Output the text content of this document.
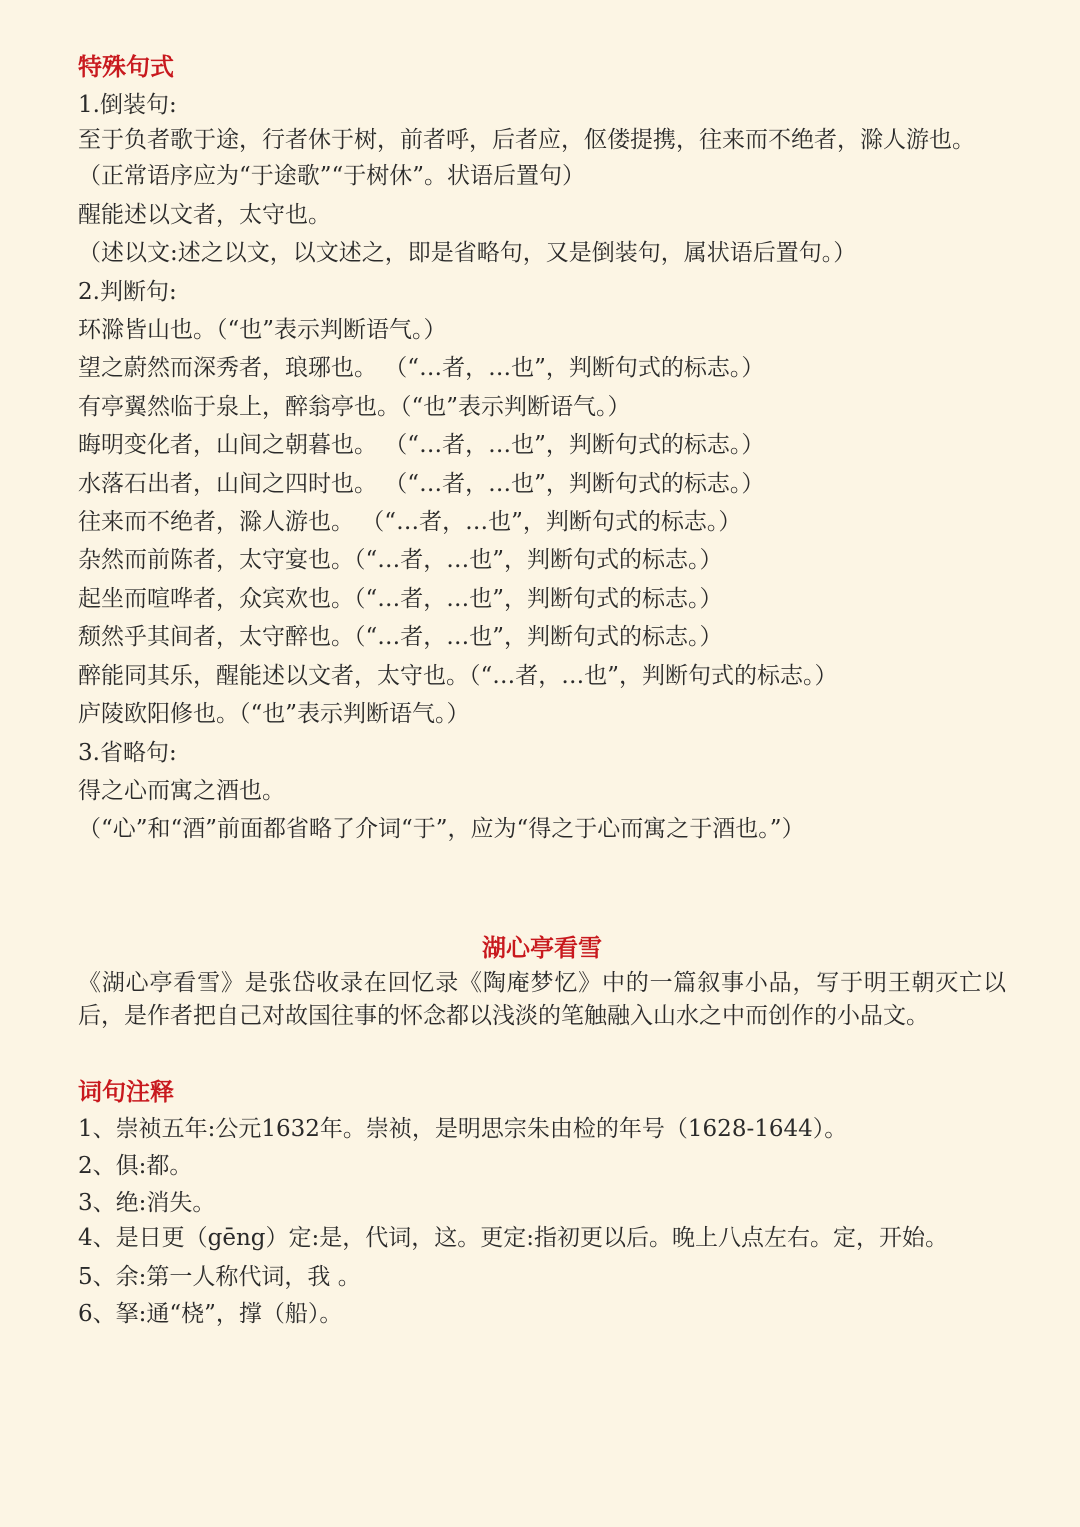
特殊句式

1.倒装句:

至于负者歌于途，行者休于树，前者呼，后者应，伛偻提携，往来而不绝者，滁人游也。

（正常语序应为“于途歌”“于树休”。状语后置句）

醒能述以文者，太守也。

（述以文:述之以文，以文述之，即是省略句，又是倒装句，属状语后置句。）

2.判断句:

环滁皆山也。（“也”表示判断语气。）

望之蔚然而深秀者，琅琊也。 （“…者，…也”，判断句式的标志。）

有亭翼然临于泉上，醉翁亭也。（“也”表示判断语气。）

晦明变化者，山间之朝暮也。 （“…者，…也”，判断句式的标志。）

水落石出者，山间之四时也。 （“…者，…也”，判断句式的标志。）

往来而不绝者，滁人游也。 （“…者，…也”，判断句式的标志。）

杂然而前陈者，太守宴也。（“…者，…也”，判断句式的标志。）

起坐而喧哗者，众宾欢也。（“…者，…也”，判断句式的标志。）

颓然乎其间者，太守醉也。（“…者，…也”，判断句式的标志。）

醉能同其乐，醒能述以文者，太守也。（“…者，…也”，判断句式的标志。）

庐陵欧阳修也。（“也”表示判断语气。）

3.省略句:

得之心而寓之酒也。

（“心”和“酒”前面都省略了介词“于”，应为“得之于心而寓之于酒也。”）

湖心亭看雪

《湖心亭看雪》是张岱收录在回忆录《陶庵梦忆》中的一篇叙事小品，写于明王朝灭亡以后，是作者把自己对故国往事的怀念都以浅淡的笔触融入山水之中而创作的小品文。

词句注释

1、崇祯五年:公元1632年。崇祯，是明思宗朱由检的年号（1628-1644）。

2、俱:都。

3、绝:消失。

4、是日更（gēng）定:是，代词，这。更定:指初更以后。晚上八点左右。定，开始。

5、余:第一人称代词，我 。

6、拏:通“桡”，撑（船）。
